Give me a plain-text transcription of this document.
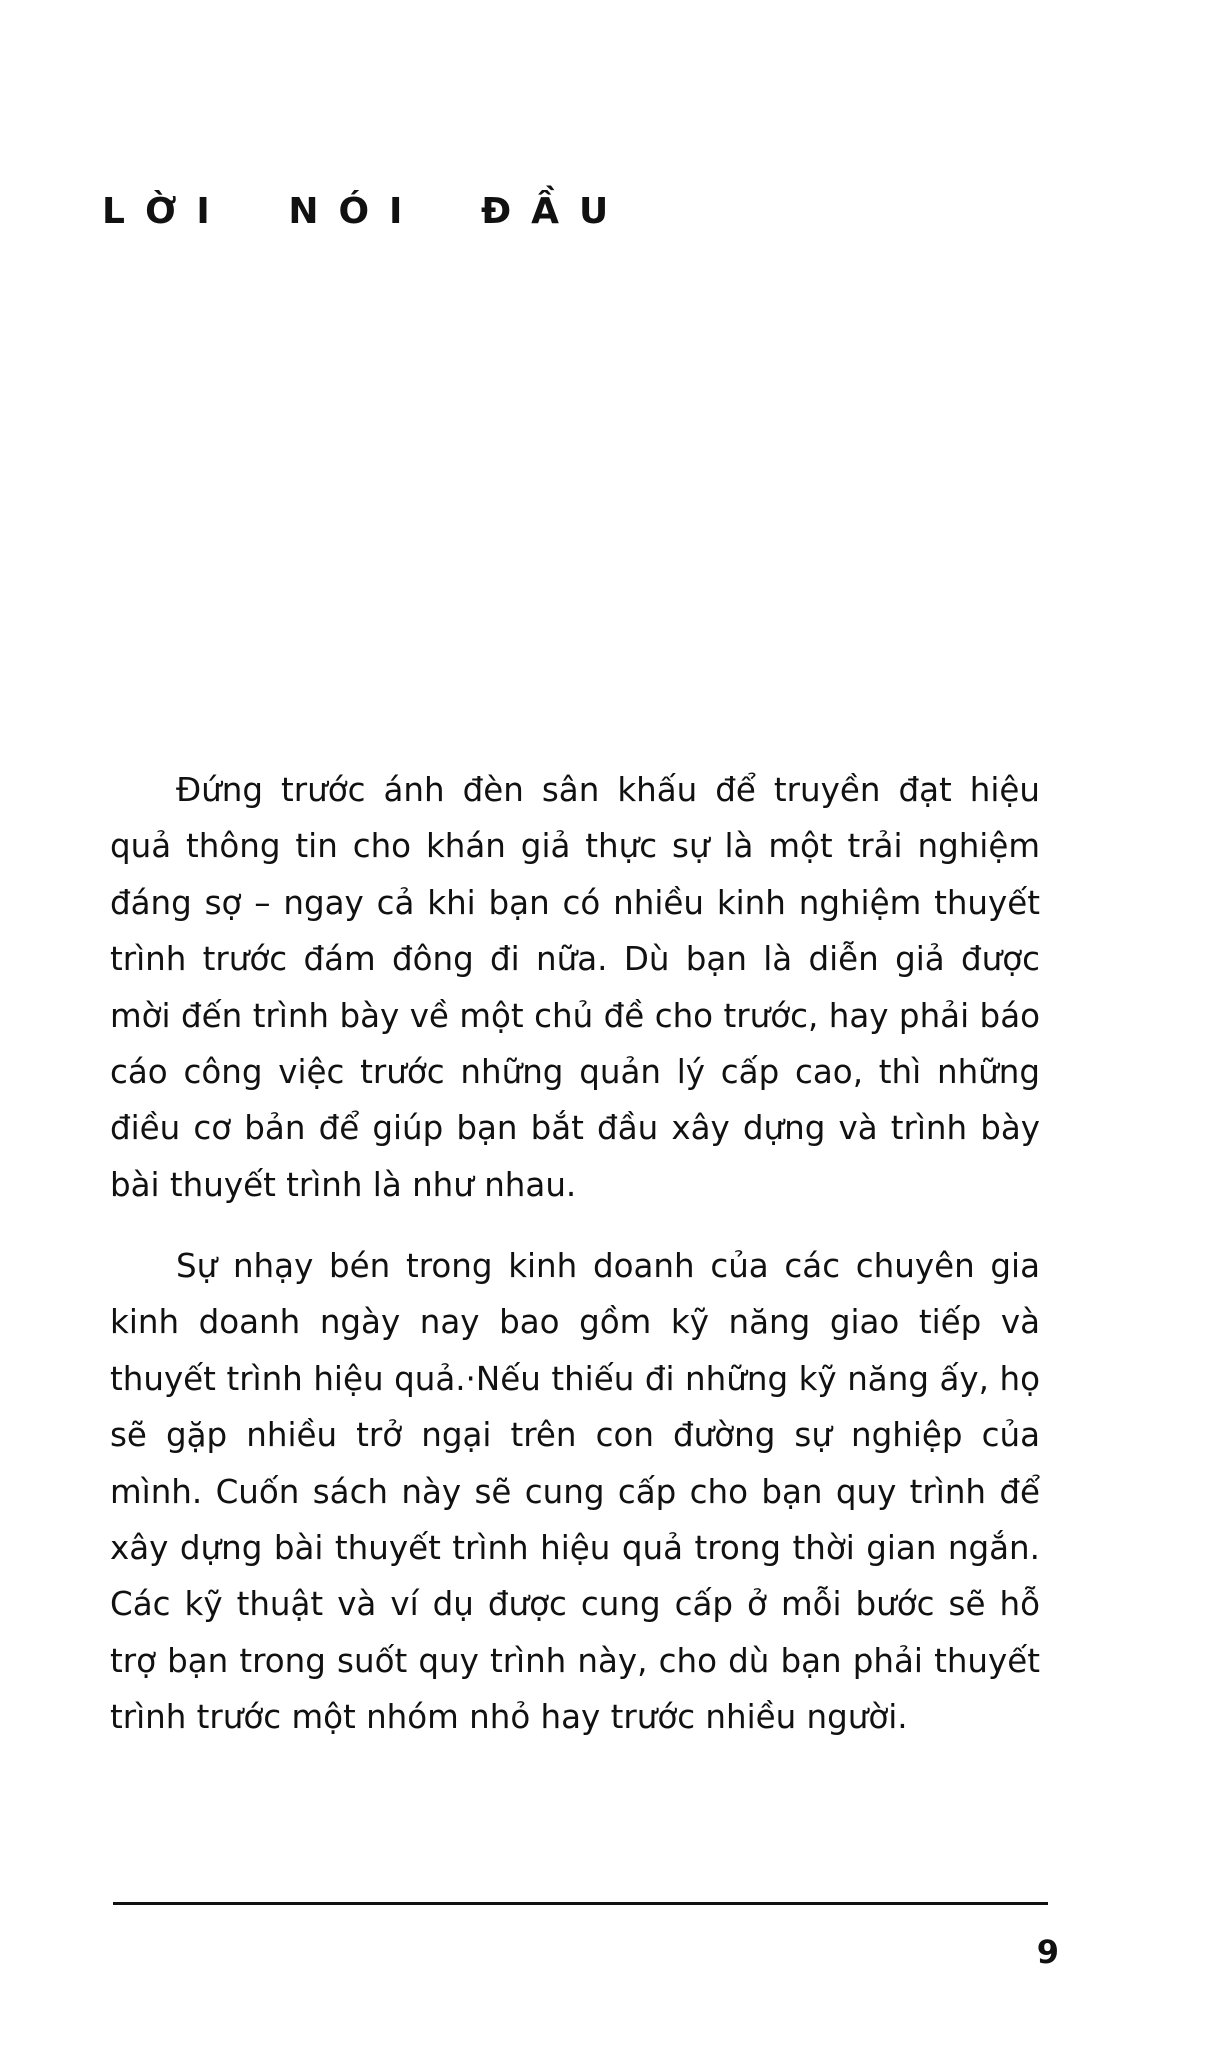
LỜI NÓI ĐẦU

Đứng trước ánh đèn sân khấu để truyền đạt hiệu quả thông tin cho khán giả thực sự là một trải nghiệm đáng sợ – ngay cả khi bạn có nhiều kinh nghiệm thuyết trình trước đám đông đi nữa. Dù bạn là diễn giả được mời đến trình bày về một chủ đề cho trước, hay phải báo cáo công việc trước những quản lý cấp cao, thì những điều cơ bản để giúp bạn bắt đầu xây dựng và trình bày bài thuyết trình là như nhau.

Sự nhạy bén trong kinh doanh của các chuyên gia kinh doanh ngày nay bao gồm kỹ năng giao tiếp và thuyết trình hiệu quả.·Nếu thiếu đi những kỹ năng ấy, họ sẽ gặp nhiều trở ngại trên con đường sự nghiệp của mình. Cuốn sách này sẽ cung cấp cho bạn quy trình để xây dựng bài thuyết trình hiệu quả trong thời gian ngắn. Các kỹ thuật và ví dụ được cung cấp ở mỗi bước sẽ hỗ trợ bạn trong suốt quy trình này, cho dù bạn phải thuyết trình trước một nhóm nhỏ hay trước nhiều người.

9
